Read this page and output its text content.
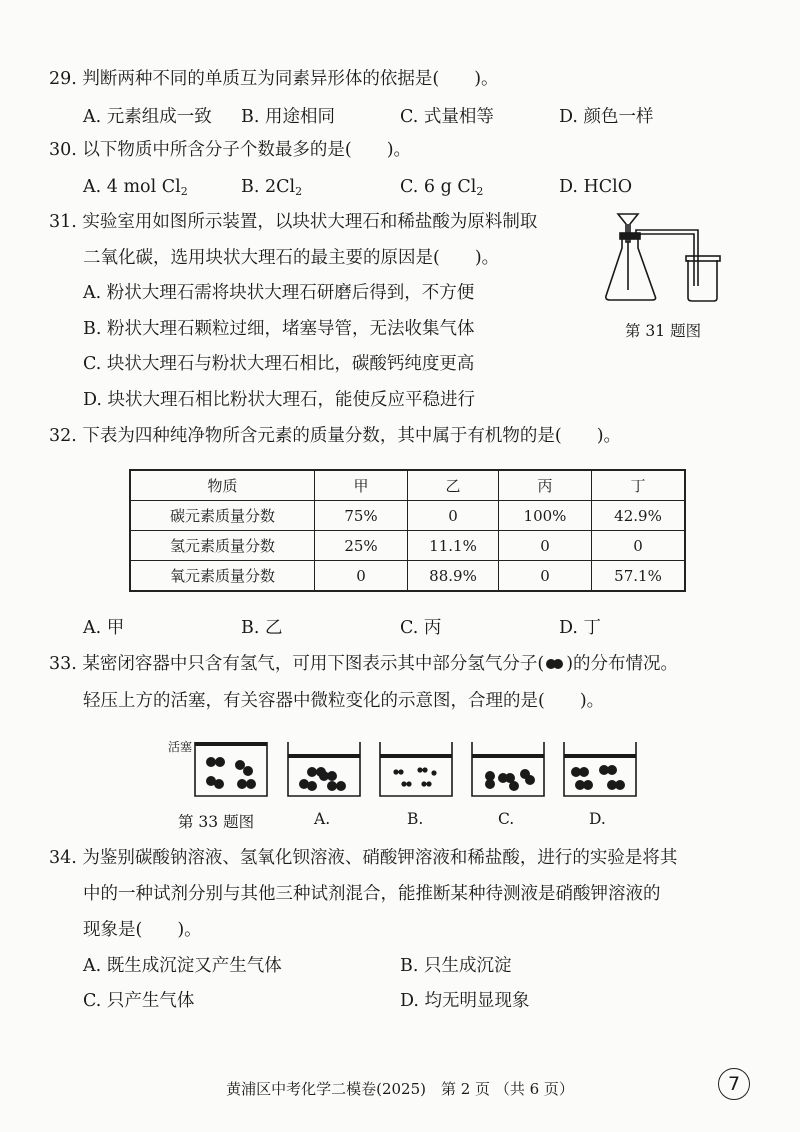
29. 判断两种不同的单质互为同素异形体的依据是(　　)。
A. 元素组成一致 B. 用途相同	C. 式量相等	D. 颜色一样
30. 以下物质中所含分子个数最多的是(　　)。
A. 4 mol $Cl_2$	B. $2Cl_2$	C. 6 g $Cl_2$	D. HClO
31. 实验室用如图所示装置，以块状大理石和稀盐酸为原料制取
二氧化碳，选用块状大理石的最主要的原因是(　　)。
A. 粉状大理石需将块状大理石研磨后得到，不方便
B. 粉状大理石颗粒过细，堵塞导管，无法收集气体
C. 块状大理石与粉状大理石相比，碳酸钙纯度更高
D. 块状大理石相比粉状大理石，能使反应平稳进行
第 31 题图
32. 下表为四种纯净物所含元素的质量分数，其中属于有机物的是(　　)。
物质	甲	乙	丙	丁
碳元素质量分数	75%	0	100%	42.9%
氢元素质量分数	25%	11.1%	0	0
氧元素质量分数	0	88.9%	0	57.1%
A. 甲	B. 乙	C. 丙	D. 丁
33. 某密闭容器中只含有氢气，可用下图表示其中部分氢气分子( )的分布情况。
轻压上方的活塞，有关容器中微粒变化的示意图，合理的是(　　)。
活塞
第 33 题图	A.	B.	C.	D.
34. 为鉴别碳酸钠溶液、氢氧化钡溶液、硝酸钾溶液和稀盐酸，进行的实验是将其
中的一种试剂分别与其他三种试剂混合，能推断某种待测液是硝酸钾溶液的
现象是(　　)。
A. 既生成沉淀又产生气体	B. 只生成沉淀
C. 只产生气体	D. 均无明显现象
黄浦区中考化学二模卷(2025)　第 2 页 （共 6 页）	7
